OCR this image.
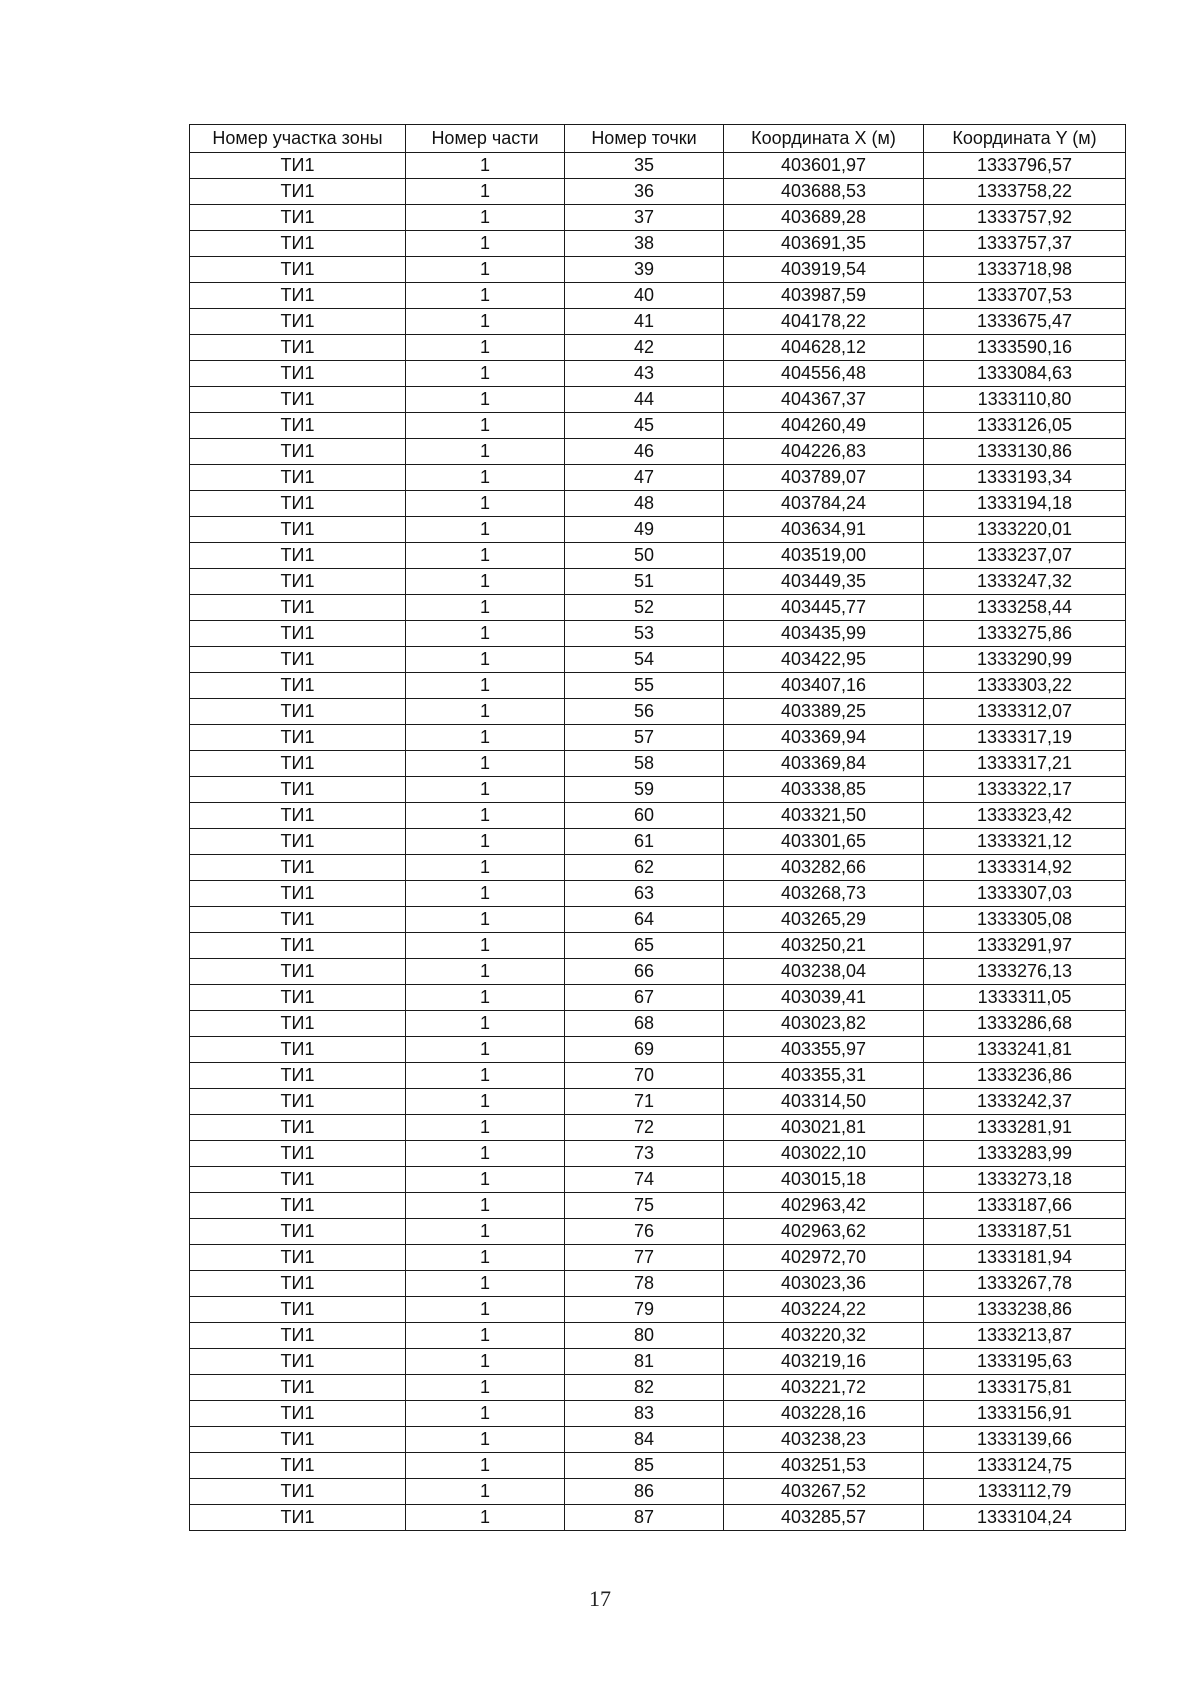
Номер участка зоны	Номер части	Номер точки	Координата X (м)	Координата Y (м)
ТИ1	1	35	403601,97	1333796,57
ТИ1	1	36	403688,53	1333758,22
ТИ1	1	37	403689,28	1333757,92
ТИ1	1	38	403691,35	1333757,37
ТИ1	1	39	403919,54	1333718,98
ТИ1	1	40	403987,59	1333707,53
ТИ1	1	41	404178,22	1333675,47
ТИ1	1	42	404628,12	1333590,16
ТИ1	1	43	404556,48	1333084,63
ТИ1	1	44	404367,37	1333110,80
ТИ1	1	45	404260,49	1333126,05
ТИ1	1	46	404226,83	1333130,86
ТИ1	1	47	403789,07	1333193,34
ТИ1	1	48	403784,24	1333194,18
ТИ1	1	49	403634,91	1333220,01
ТИ1	1	50	403519,00	1333237,07
ТИ1	1	51	403449,35	1333247,32
ТИ1	1	52	403445,77	1333258,44
ТИ1	1	53	403435,99	1333275,86
ТИ1	1	54	403422,95	1333290,99
ТИ1	1	55	403407,16	1333303,22
ТИ1	1	56	403389,25	1333312,07
ТИ1	1	57	403369,94	1333317,19
ТИ1	1	58	403369,84	1333317,21
ТИ1	1	59	403338,85	1333322,17
ТИ1	1	60	403321,50	1333323,42
ТИ1	1	61	403301,65	1333321,12
ТИ1	1	62	403282,66	1333314,92
ТИ1	1	63	403268,73	1333307,03
ТИ1	1	64	403265,29	1333305,08
ТИ1	1	65	403250,21	1333291,97
ТИ1	1	66	403238,04	1333276,13
ТИ1	1	67	403039,41	1333311,05
ТИ1	1	68	403023,82	1333286,68
ТИ1	1	69	403355,97	1333241,81
ТИ1	1	70	403355,31	1333236,86
ТИ1	1	71	403314,50	1333242,37
ТИ1	1	72	403021,81	1333281,91
ТИ1	1	73	403022,10	1333283,99
ТИ1	1	74	403015,18	1333273,18
ТИ1	1	75	402963,42	1333187,66
ТИ1	1	76	402963,62	1333187,51
ТИ1	1	77	402972,70	1333181,94
ТИ1	1	78	403023,36	1333267,78
ТИ1	1	79	403224,22	1333238,86
ТИ1	1	80	403220,32	1333213,87
ТИ1	1	81	403219,16	1333195,63
ТИ1	1	82	403221,72	1333175,81
ТИ1	1	83	403228,16	1333156,91
ТИ1	1	84	403238,23	1333139,66
ТИ1	1	85	403251,53	1333124,75
ТИ1	1	86	403267,52	1333112,79
ТИ1	1	87	403285,57	1333104,24
17
